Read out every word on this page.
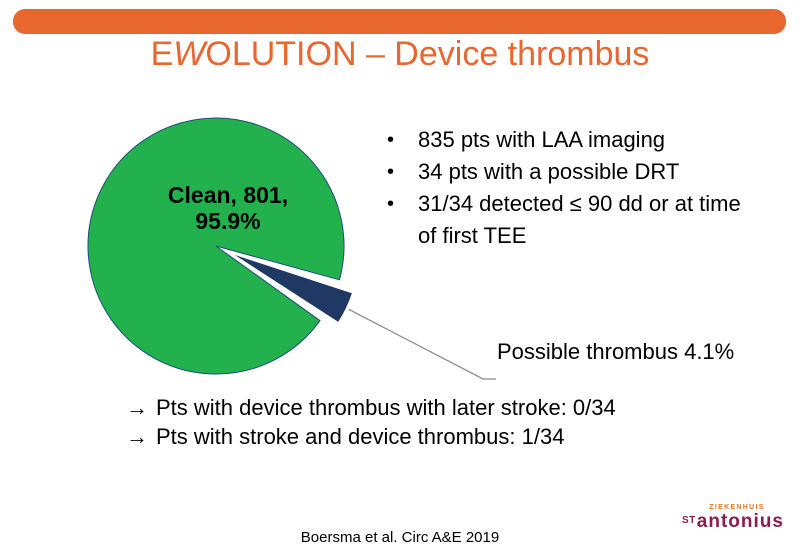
EWOLUTION – Device thrombus
Clean, 801,
95.9%
•	835 pts with LAA imaging
•	34 pts with a possible DRT
•	31/34 detected ≤ 90 dd or at time of first TEE
Possible thrombus 4.1%
→ Pts with device thrombus with later stroke: 0/34
→ Pts with stroke and device thrombus: 1/34
Boersma et al. Circ A&E 2019
ZIEKENHUIS
ST antonius
